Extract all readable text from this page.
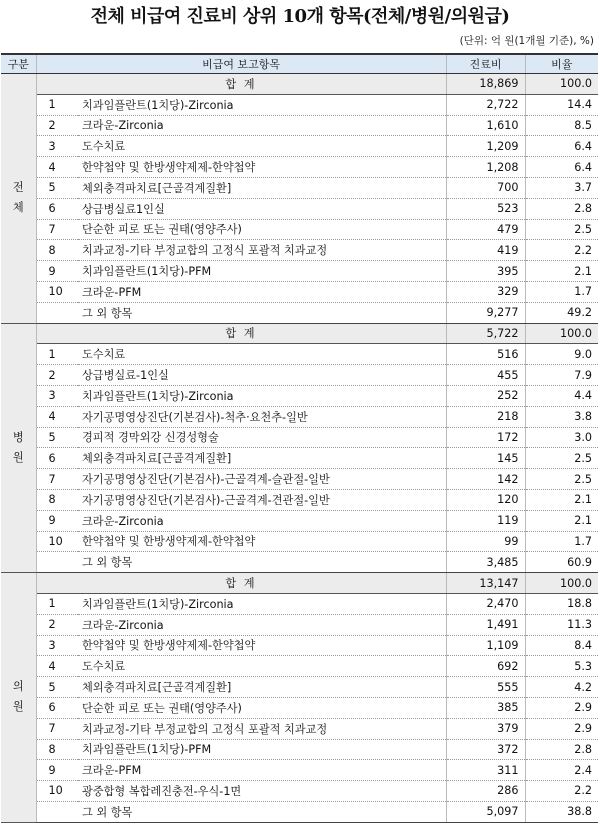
전체 비급여 진료비 상위 10개 항목(전체/병원/의원급)
(단위: 억 원(1개월 기준), %)
구분	비급여 보고항목		진료비	비율

전
체	합 계		18,869	100.0
	1	치과임플란트(1치당)-Zirconia	2,722	14.4
	2	크라운-Zirconia	1,610	8.5
	3	도수치료	1,209	6.4
	4	한약첩약 및 한방생약제제-한약첩약	1,208	6.4
	5	체외충격파치료[근골격계질환]	700	3.7
	6	상급병실료1인실	523	2.8
	7	단순한 피로 또는 권태(영양주사)	479	2.5
	8	치과교정-기타 부정교합의 고정식 포괄적 치과교정	419	2.2
	9	치과임플란트(1치당)-PFM	395	2.1
	10	크라운-PFM	329	1.7
		그 외 항목	9,277	49.2

병
원	합 계		5,722	100.0
	1	도수치료	516	9.0
	2	상급병실료-1인실	455	7.9
	3	치과임플란트(1치당)-Zirconia	252	4.4
	4	자기공명영상진단(기본검사)-척추·요천추-일반	218	3.8
	5	경피적 경막외강 신경성형술	172	3.0
	6	체외충격파치료[근골격계질환]	145	2.5
	7	자기공명영상진단(기본검사)-근골격계-슬관절-일반	142	2.5
	8	자기공명영상진단(기본검사)-근골격계-견관절-일반	120	2.1
	9	크라운-Zirconia	119	2.1
	10	한약첩약 및 한방생약제제-한약첩약	99	1.7
		그 외 항목	3,485	60.9

의
원	합 계		13,147	100.0
	1	치과임플란트(1치당)-Zirconia	2,470	18.8
	2	크라운-Zirconia	1,491	11.3
	3	한약첩약 및 한방생약제제-한약첩약	1,109	8.4
	4	도수치료	692	5.3
	5	체외충격파치료[근골격계질환]	555	4.2
	6	단순한 피로 또는 권태(영양주사)	385	2.9
	7	치과교정-기타 부정교합의 고정식 포괄적 치과교정	379	2.9
	8	치과임플란트(1치당)-PFM	372	2.8
	9	크라운-PFM	311	2.4
	10	광중합형 복합레진충전-우식-1면	286	2.2
		그 외 항목	5,097	38.8
